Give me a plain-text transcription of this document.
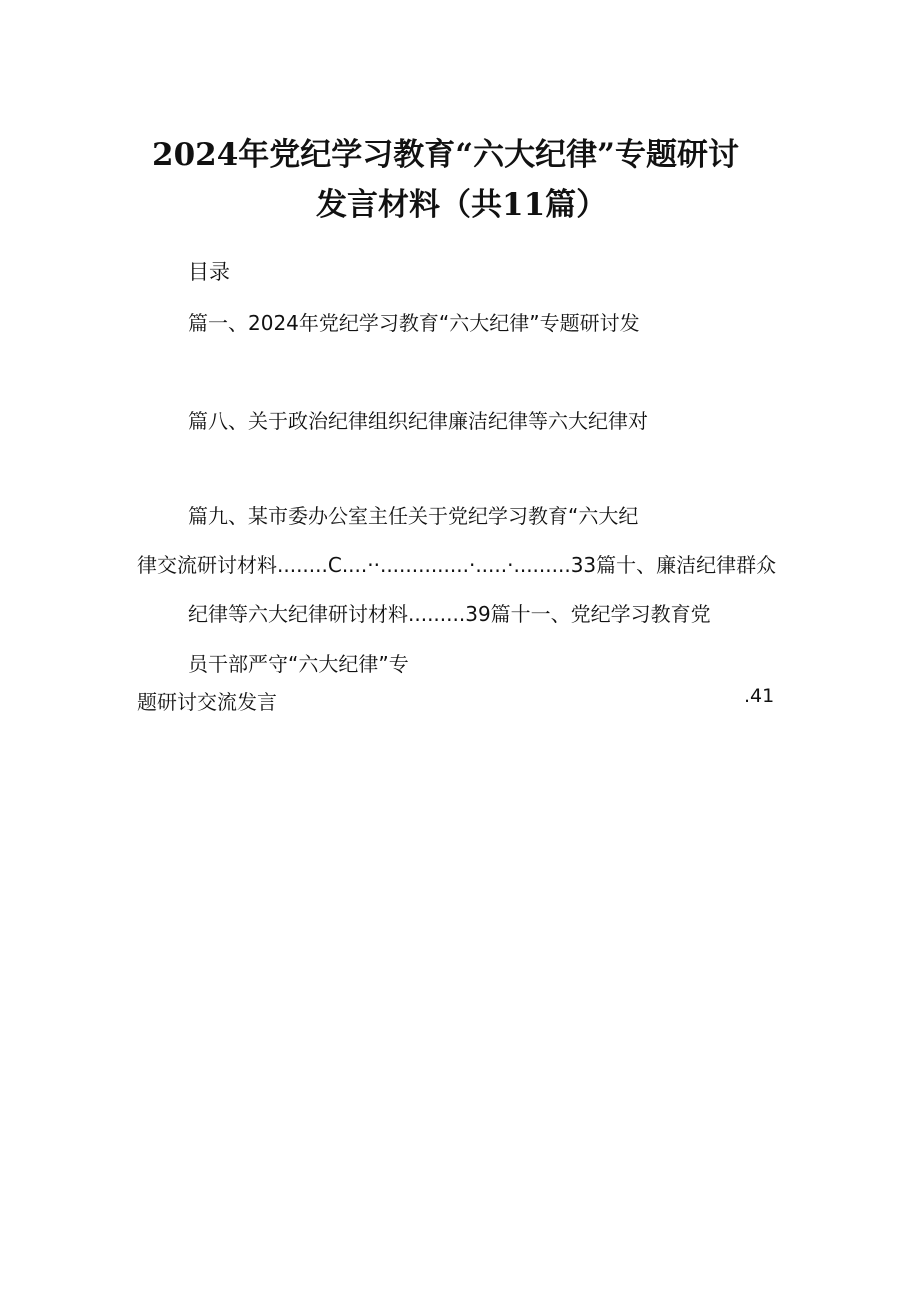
2024年党纪学习教育“六大纪律”专题研讨
发言材料（共11篇）
目录
篇一、2024年党纪学习教育“六大纪律”专题研讨发
篇八、关于政治纪律组织纪律廉洁纪律等六大纪律对
篇九、某市委办公室主任关于党纪学习教育“六大纪
律交流研讨材料........C....··..............·.....·.........33篇十、廉洁纪律群众
纪律等六大纪律研讨材料.........39篇十一、党纪学习教育党
员干部严守“六大纪律”专
题研讨交流发言	.41
